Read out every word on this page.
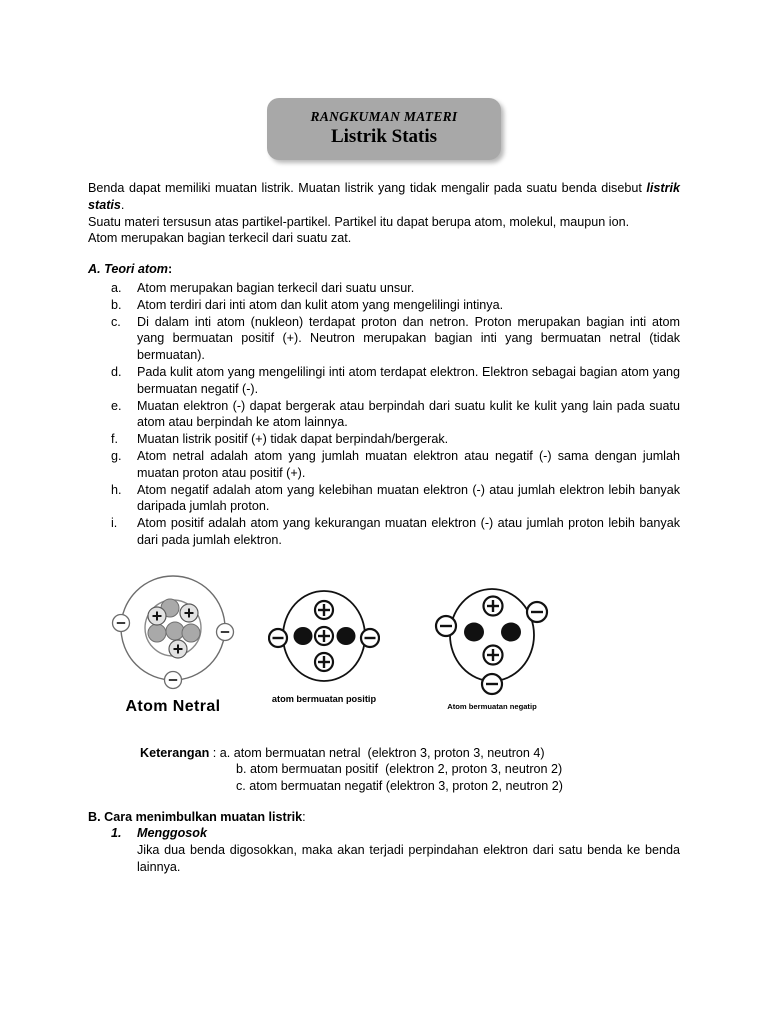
RANGKUMAN MATERI
Listrik Statis

Benda dapat memiliki muatan listrik. Muatan listrik yang tidak mengalir pada suatu benda disebut listrik statis.

Suatu materi tersusun atas partikel-partikel. Partikel itu dapat berupa atom, molekul, maupun ion.

Atom merupakan bagian terkecil dari suatu zat.

A. Teori atom:
a.	Atom merupakan bagian terkecil dari suatu unsur.
b.	Atom terdiri dari inti atom dan kulit atom yang mengelilingi intinya.
c.	Di dalam inti atom (nukleon) terdapat proton dan netron. Proton merupakan bagian inti atom yang bermuatan positif (+). Neutron merupakan bagian inti yang bermuatan netral (tidak bermuatan).
d.	Pada kulit atom yang mengelilingi inti atom terdapat elektron. Elektron sebagai bagian atom yang bermuatan negatif (-).
e.	Muatan elektron (-) dapat bergerak atau berpindah dari suatu kulit ke kulit yang lain pada suatu atom atau berpindah ke atom lainnya.
f.	Muatan listrik positif (+) tidak dapat berpindah/bergerak.
g.	Atom netral adalah atom yang jumlah muatan elektron atau negatif (-) sama dengan jumlah muatan proton atau positif (+).
h.	Atom negatif adalah atom yang kelebihan muatan elektron (-) atau jumlah elektron lebih banyak daripada jumlah proton.
i.	Atom positif adalah atom yang kekurangan muatan elektron (-) atau jumlah proton lebih banyak dari pada jumlah elektron.
Atom Netral	atom bermuatan positip
Atom bermuatan negatip
Keterangan : a. atom bermuatan netral  (elektron 3, proton 3, neutron 4)
b. atom bermuatan positif  (elektron 2, proton 3, neutron 2)
c. atom bermuatan negatif (elektron 3, proton 2, neutron 2)
B. Cara menimbulkan muatan listrik:
1. Menggosok
Jika dua benda digosokkan, maka akan terjadi perpindahan elektron dari satu benda ke benda lainnya.
